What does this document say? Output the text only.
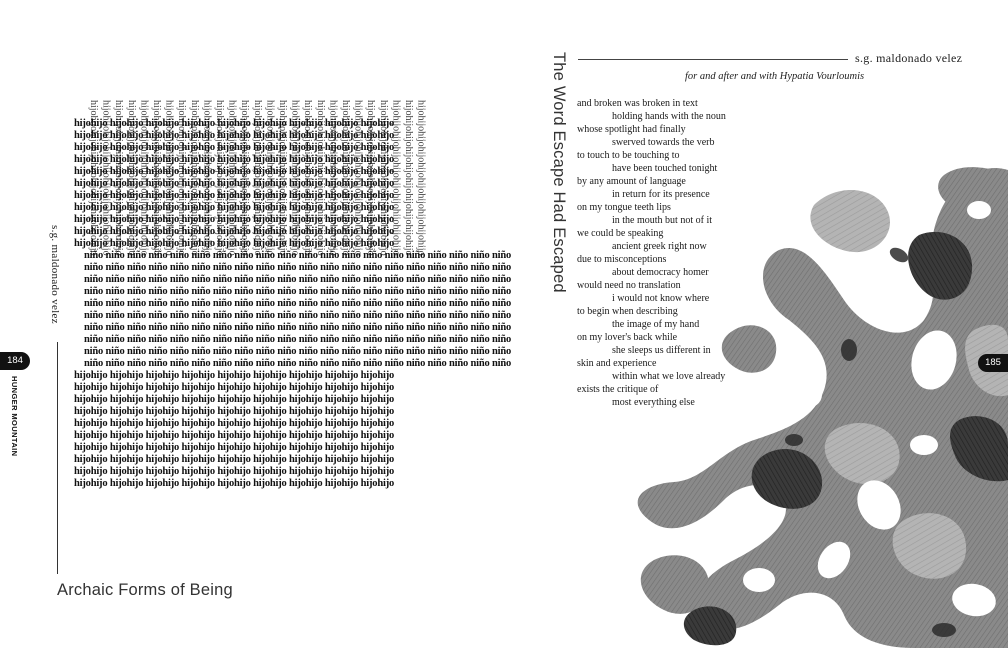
hijohijohijohijohijohijohijohijohijohijo hijohijohijohijohijohijohijohijohijohijo hijohijohijohijohijohijohijohijohijohijo hijohijohijohijohijohijohijohijohijohijo hijohijohijohijohijohijohijohijohijohijo hijohijohijohijohijohijohijohijohijohijo hijohijohijohijohijohijohijohijohijohijo hijohijohijohijohijohijohijohijohijohijo hijohijohijohijohijohijohijohijohijohijo hijohijohijohijohijohijohijohijohijohijo hijohijohijohijohijohijohijohijohijohijo hijohijohijohijohijohijohijohijohijohijo hijohijohijohijohijohijohijohijohijohijo hijohijohijohijohijohijohijohijohijohijo hijohijohijohijohijohijohijohijohijohijo hijohijohijohijohijohijohijohijohijohijo hijohijohijohijohijohijohijohijohijohijo hijohijohijohijohijohijohijohijohijohijo hijohijohijohijohijohijohijohijohijohijo hijohijohijohijohijohijohijohijohijohijo hijohijohijohijohijohijohijohijohijohijo hijohijohijohijohijohijohijohijohijohijo hijohijohijohijohijohijohijohijohijohijo hijohijohijohijohijohijohijohijohijohijo hijohijohijohijohijohijohijohijohijohijo hijohijohijohijohijohijohijohijohijohijo hijohijohijohijohijohijohijohijohijohijo
hijohijo hijohijo hijohijo hijohijo hijohijo hijohijo hijohijo hijohijo hijohijo
hijohijo hijohijo hijohijo hijohijo hijohijo hijohijo hijohijo hijohijo hijohijo
hijohijo hijohijo hijohijo hijohijo hijohijo hijohijo hijohijo hijohijo hijohijo
hijohijo hijohijo hijohijo hijohijo hijohijo hijohijo hijohijo hijohijo hijohijo
hijohijo hijohijo hijohijo hijohijo hijohijo hijohijo hijohijo hijohijo hijohijo
hijohijo hijohijo hijohijo hijohijo hijohijo hijohijo hijohijo hijohijo hijohijo
hijohijo hijohijo hijohijo hijohijo hijohijo hijohijo hijohijo hijohijo hijohijo
hijohijo hijohijo hijohijo hijohijo hijohijo hijohijo hijohijo hijohijo hijohijo
hijohijo hijohijo hijohijo hijohijo hijohijo hijohijo hijohijo hijohijo hijohijo
hijohijo hijohijo hijohijo hijohijo hijohijo hijohijo hijohijo hijohijo hijohijo
hijohijo hijohijo hijohijo hijohijo hijohijo hijohijo hijohijo hijohijo hijohijo
niño niño niño niño niño niño niño niño niño niño niño niño niño niño niño niño niño niño niño niño
niño niño niño niño niño niño niño niño niño niño niño niño niño niño niño niño niño niño niño niño
niño niño niño niño niño niño niño niño niño niño niño niño niño niño niño niño niño niño niño niño
niño niño niño niño niño niño niño niño niño niño niño niño niño niño niño niño niño niño niño niño
niño niño niño niño niño niño niño niño niño niño niño niño niño niño niño niño niño niño niño niño
niño niño niño niño niño niño niño niño niño niño niño niño niño niño niño niño niño niño niño niño
niño niño niño niño niño niño niño niño niño niño niño niño niño niño niño niño niño niño niño niño
niño niño niño niño niño niño niño niño niño niño niño niño niño niño niño niño niño niño niño niño
niño niño niño niño niño niño niño niño niño niño niño niño niño niño niño niño niño niño niño niño
niño niño niño niño niño niño niño niño niño niño niño niño niño niño niño niño niño niño niño niño
hijohijo hijohijo hijohijo hijohijo hijohijo hijohijo hijohijo hijohijo hijohijo
hijohijo hijohijo hijohijo hijohijo hijohijo hijohijo hijohijo hijohijo hijohijo
hijohijo hijohijo hijohijo hijohijo hijohijo hijohijo hijohijo hijohijo hijohijo
hijohijo hijohijo hijohijo hijohijo hijohijo hijohijo hijohijo hijohijo hijohijo
hijohijo hijohijo hijohijo hijohijo hijohijo hijohijo hijohijo hijohijo hijohijo
hijohijo hijohijo hijohijo hijohijo hijohijo hijohijo hijohijo hijohijo hijohijo
hijohijo hijohijo hijohijo hijohijo hijohijo hijohijo hijohijo hijohijo hijohijo
hijohijo hijohijo hijohijo hijohijo hijohijo hijohijo hijohijo hijohijo hijohijo
hijohijo hijohijo hijohijo hijohijo hijohijo hijohijo hijohijo hijohijo hijohijo
hijohijo hijohijo hijohijo hijohijo hijohijo hijohijo hijohijo hijohijo hijohijo
s.g. maldonado velez
184
HUNGER MOUNTAIN
Archaic Forms of Being
The Word Escape Had Escaped	s.g. maldonado velez
for and after and with Hypatia Vourloumis
and broken was broken in text
holding hands with the noun
whose spotlight had finally
swerved towards the verb
to touch to be touching to
have been touched tonight
by any amount of language
in return for its presence
on my tongue teeth lips
in the mouth but not of it
we could be speaking
ancient greek right now
due to misconceptions
about democracy homer
would need no translation
i would not know where
to begin when describing
the image of my hand
on my lover's back while
she sleeps us different in
skin and experience
within what we love already
exists the critique of
most everything else
185
